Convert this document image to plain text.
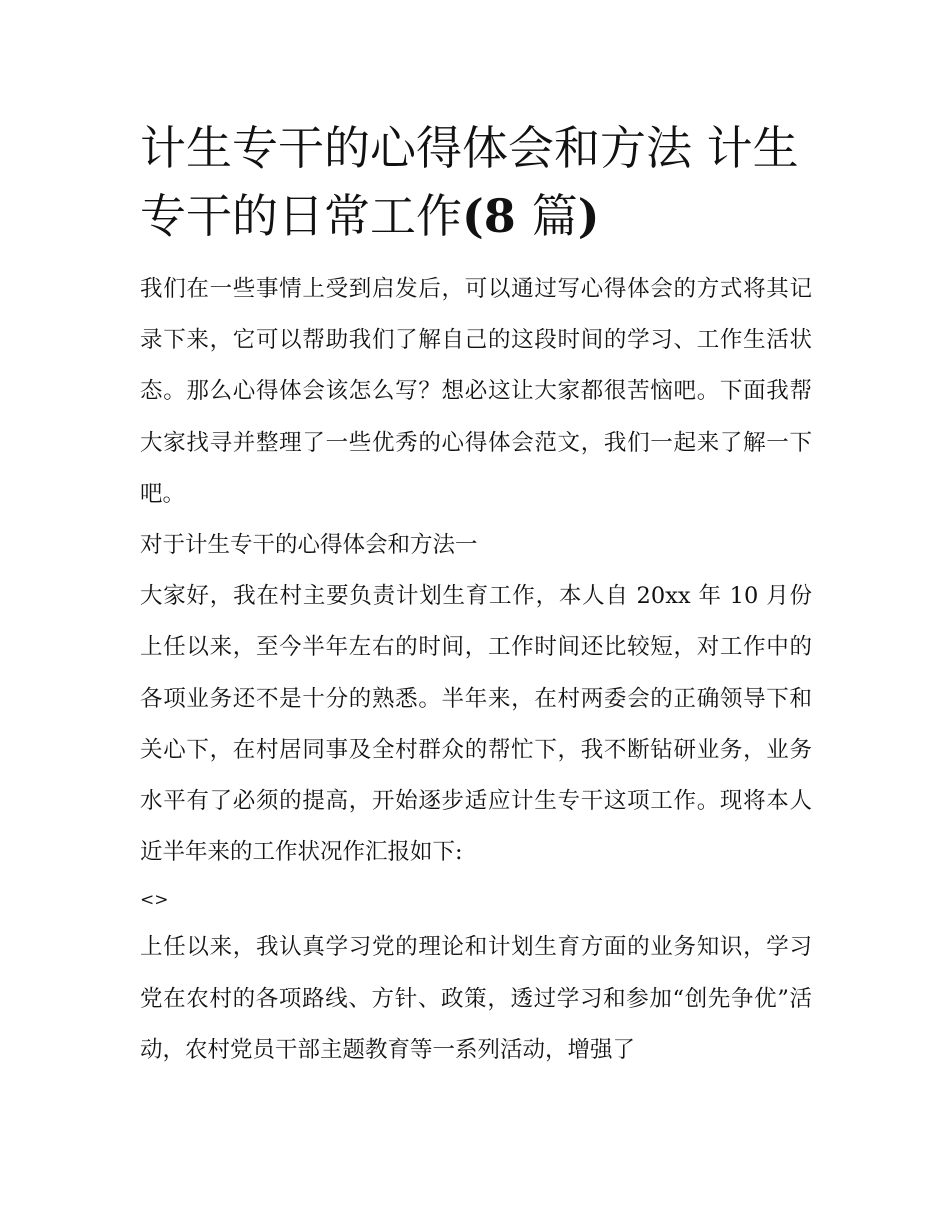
计生专干的心得体会和方法 计生专干的日常工作(8 篇)

我们在一些事情上受到启发后，可以通过写心得体会的方式将其记录下来，它可以帮助我们了解自己的这段时间的学习、工作生活状态。那么心得体会该怎么写？想必这让大家都很苦恼吧。下面我帮大家找寻并整理了一些优秀的心得体会范文，我们一起来了解一下吧。

对于计生专干的心得体会和方法一

大家好，我在村主要负责计划生育工作，本人自 20xx 年 10 月份上任以来，至今半年左右的时间，工作时间还比较短，对工作中的各项业务还不是十分的熟悉。半年来，在村两委会的正确领导下和关心下，在村居同事及全村群众的帮忙下，我不断钻研业务，业务水平有了必须的提高，开始逐步适应计生专干这项工作。现将本人近半年来的工作状况作汇报如下:

<>

上任以来，我认真学习党的理论和计划生育方面的业务知识，学习党在农村的各项路线、方针、政策，透过学习和参加“创先争优”活动，农村党员干部主题教育等一系列活动，增强了
